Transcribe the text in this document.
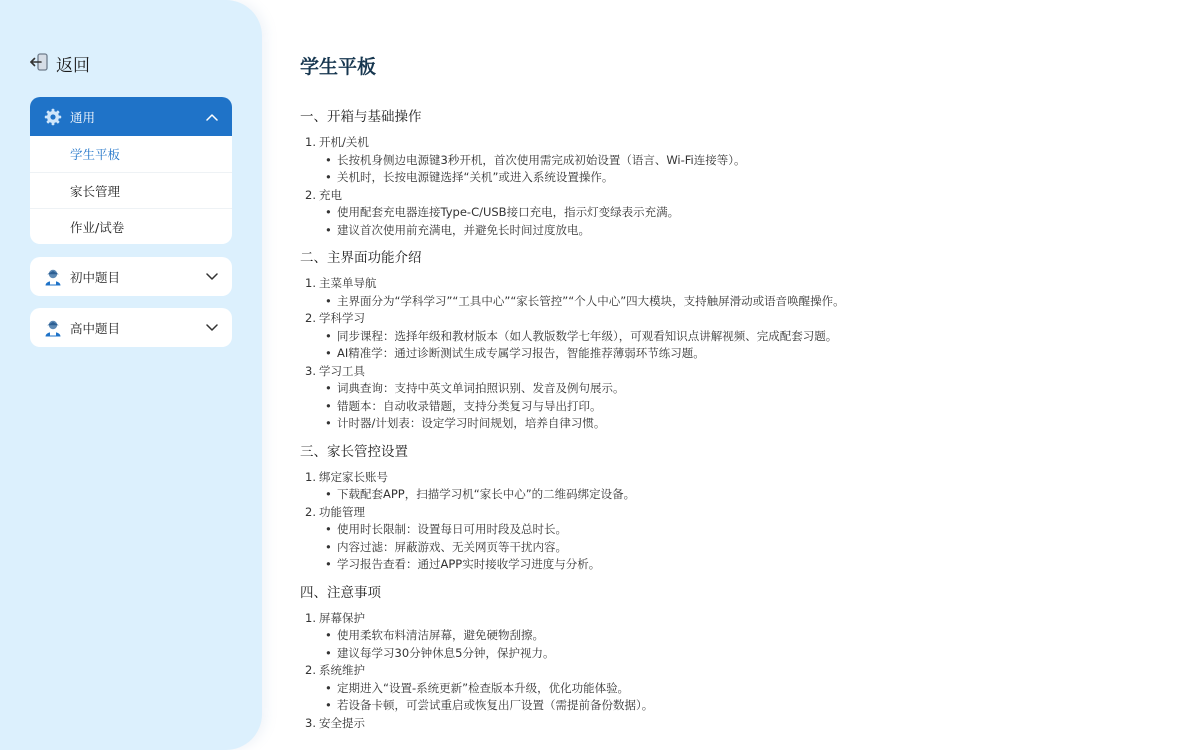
返回
通用
学生平板
家长管理
作业/试卷
初中题目
高中题目
学生平板
一、开箱与基础操作
1. 开机/关机
• 长按机身侧边电源键3秒开机，首次使用需完成初始设置（语言、Wi-Fi连接等）。
• 关机时，长按电源键选择“关机”或进入系统设置操作。
2. 充电
• 使用配套充电器连接Type-C/USB接口充电，指示灯变绿表示充满。
• 建议首次使用前充满电，并避免长时间过度放电。
二、主界面功能介绍
1. 主菜单导航
• 主界面分为“学科学习”“工具中心”“家长管控”“个人中心”四大模块，支持触屏滑动或语音唤醒操作。
2. 学科学习
• 同步课程：选择年级和教材版本（如人教版数学七年级），可观看知识点讲解视频、完成配套习题。
• AI精准学：通过诊断测试生成专属学习报告，智能推荐薄弱环节练习题。
3. 学习工具
• 词典查询：支持中英文单词拍照识别、发音及例句展示。
• 错题本：自动收录错题，支持分类复习与导出打印。
• 计时器/计划表：设定学习时间规划，培养自律习惯。
三、家长管控设置
1. 绑定家长账号
• 下载配套APP，扫描学习机“家长中心”的二维码绑定设备。
2. 功能管理
• 使用时长限制：设置每日可用时段及总时长。
• 内容过滤：屏蔽游戏、无关网页等干扰内容。
• 学习报告查看：通过APP实时接收学习进度与分析。
四、注意事项
1. 屏幕保护
• 使用柔软布料清洁屏幕，避免硬物刮擦。
• 建议每学习30分钟休息5分钟，保护视力。
2. 系统维护
• 定期进入“设置-系统更新”检查版本升级，优化功能体验。
• 若设备卡顿，可尝试重启或恢复出厂设置（需提前备份数据）。
3. 安全提示
